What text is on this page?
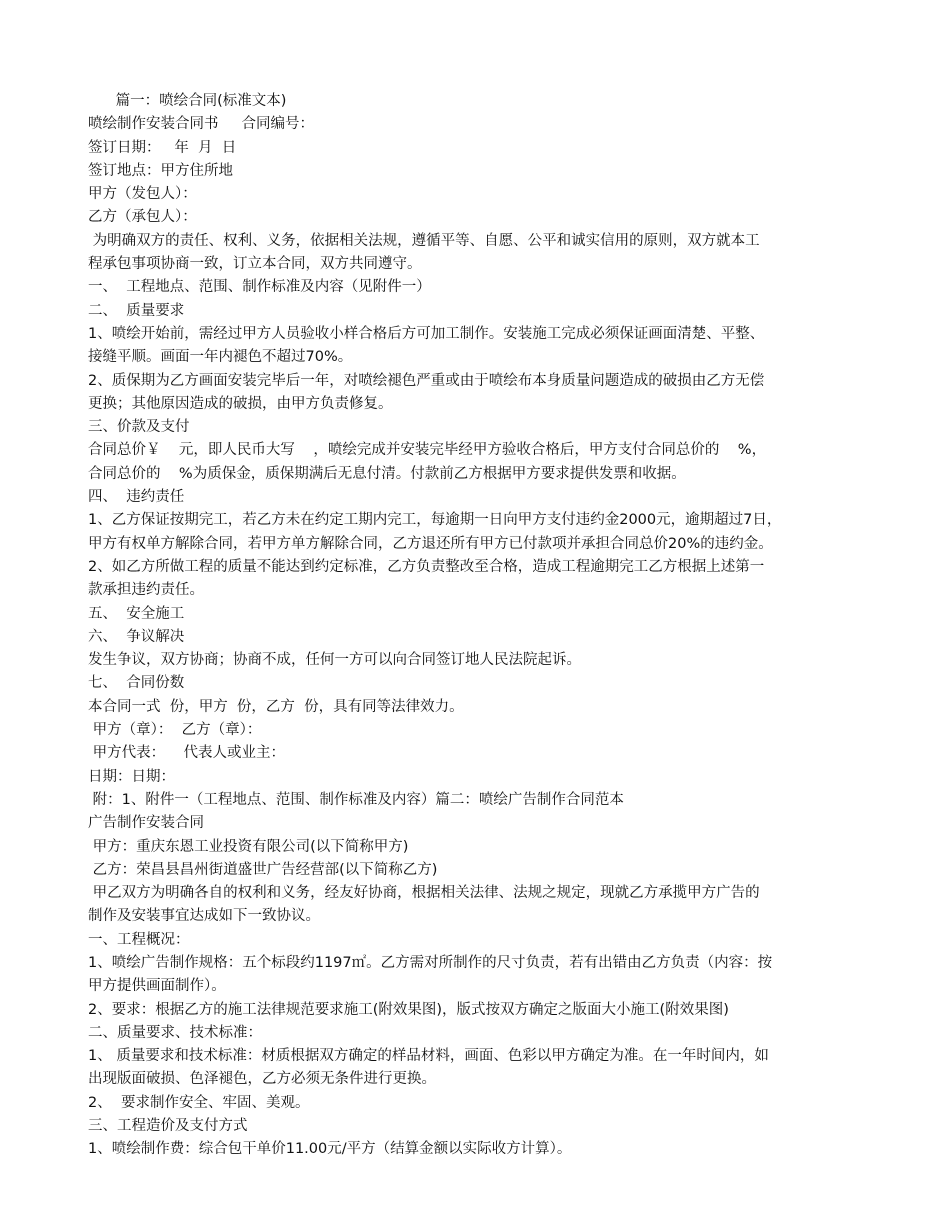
篇一：喷绘合同(标准文本)
喷绘制作安装合同书     合同编号：
签订日期：   年  月  日
签订地点：甲方住所地
甲方（发包人）：
乙方（承包人）：
为明确双方的责任、权利、义务，依据相关法规，遵循平等、自愿、公平和诚实信用的原则，双方就本工
程承包事项协商一致，订立本合同，双方共同遵守。
一、  工程地点、范围、制作标准及内容（见附件一）
二、  质量要求
1、喷绘开始前，需经过甲方人员验收小样合格后方可加工制作。安装施工完成必须保证画面清楚、平整、
接缝平顺。画面一年内褪色不超过70%。
2、质保期为乙方画面安装完毕后一年，对喷绘褪色严重或由于喷绘布本身质量问题造成的破损由乙方无偿
更换；其他原因造成的破损，由甲方负责修复。
三、价款及支付
合同总价￥    元，即人民币大写    ，喷绘完成并安装完毕经甲方验收合格后，甲方支付合同总价的    %，
合同总价的    %为质保金，质保期满后无息付清。付款前乙方根据甲方要求提供发票和收据。
四、  违约责任
1、乙方保证按期完工，若乙方未在约定工期内完工，每逾期一日向甲方支付违约金2000元，逾期超过7日，
甲方有权单方解除合同，若甲方单方解除合同，乙方退还所有甲方已付款项并承担合同总价20%的违约金。
2、如乙方所做工程的质量不能达到约定标准，乙方负责整改至合格，造成工程逾期完工乙方根据上述第一
款承担违约责任。
五、  安全施工
六、  争议解决
发生争议，双方协商；协商不成，任何一方可以向合同签订地人民法院起诉。
七、  合同份数
本合同一式  份，甲方  份，乙方  份，具有同等法律效力。
甲方（章）：  乙方（章）：
甲方代表：    代表人或业主：
日期：日期：
附：1、附件一（工程地点、范围、制作标准及内容）篇二：喷绘广告制作合同范本
广告制作安装合同
甲方：重庆东恩工业投资有限公司(以下简称甲方)
乙方：荣昌县昌州街道盛世广告经营部(以下简称乙方)
甲乙双方为明确各自的权利和义务，经友好协商，根据相关法律、法规之规定，现就乙方承揽甲方广告的
制作及安装事宜达成如下一致协议。
一、工程概况：
1、喷绘广告制作规格：五个标段约1197㎡。乙方需对所制作的尺寸负责，若有出错由乙方负责（内容：按
甲方提供画面制作）。
2、要求：根据乙方的施工法律规范要求施工(附效果图)，版式按双方确定之版面大小施工(附效果图)
二、质量要求、技术标准：
1、 质量要求和技术标准：材质根据双方确定的样品材料，画面、色彩以甲方确定为准。在一年时间内，如
出现版面破损、色泽褪色，乙方必须无条件进行更换。
2、  要求制作安全、牢固、美观。
三、工程造价及支付方式
1、喷绘制作费：综合包干单价11.00元/平方（结算金额以实际收方计算）。
